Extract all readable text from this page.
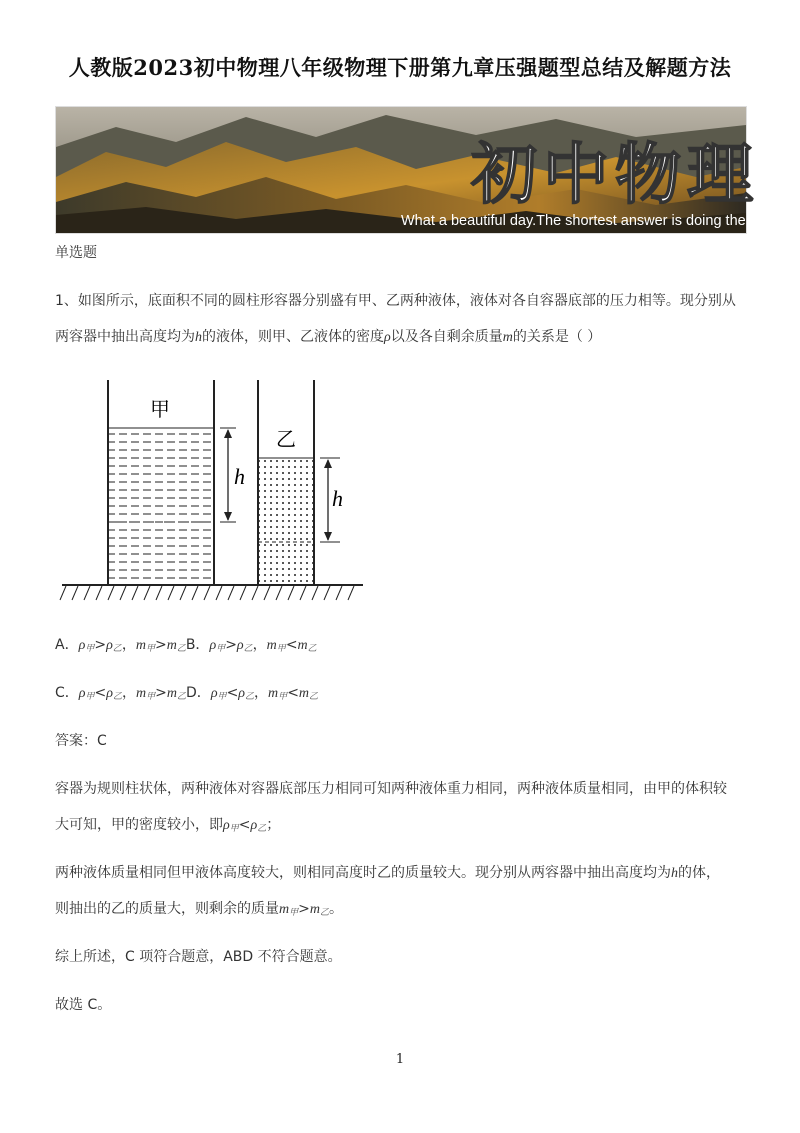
人教版2023初中物理八年级物理下册第九章压强题型总结及解题方法
初中物理
What a beautiful day.The shortest answer is doing the thing.
单选题
1、如图所示，底面积不同的圆柱形容器分别盛有甲、乙两种液体，液体对各自容器底部的压力相等。现分别从
两容器中抽出高度均为h的液体，则甲、乙液体的密度ρ以及各自剩余质量m的关系是（ ）
甲
h
乙
h
A．$\rho_甲>\rho_乙$，$m_甲>m_乙B$．$\rho_甲>\rho_乙$，$m_甲<m_乙$
C．$\rho_甲<\rho_乙$，$m_甲>m_乙D$．$\rho_甲<\rho_乙$，$m_甲<m_乙$
答案：C
容器为规则柱状体，两种液体对容器底部压力相同可知两种液体重力相同，两种液体质量相同，由甲的体积较
大可知，甲的密度较小，即$\rho_甲<\rho_乙$；
两种液体质量相同但甲液体高度较大，则相同高度时乙的质量较大。现分别从两容器中抽出高度均为h的体，
则抽出的乙的质量大，则剩余的质量$m_甲>m_乙$。
综上所述，C 项符合题意，ABD 不符合题意。
故选 C。
1
